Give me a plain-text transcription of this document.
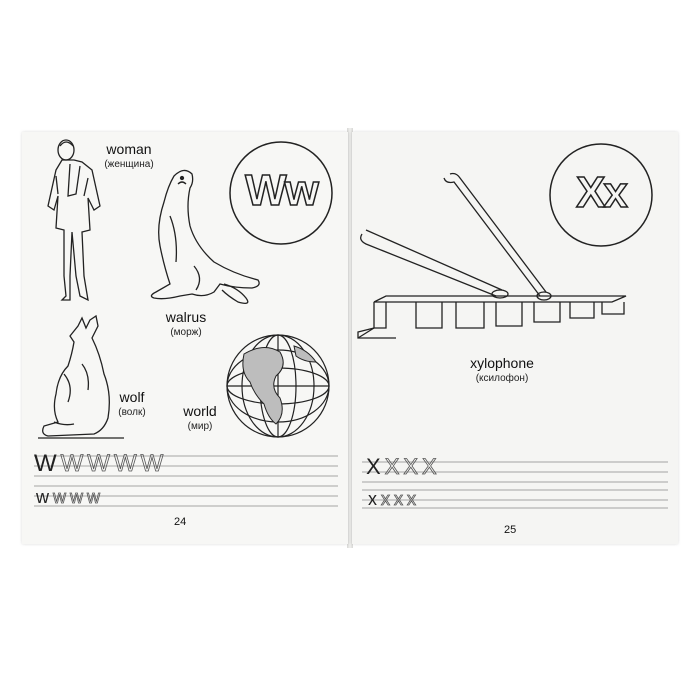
woman
(женщина)
walrus
(морж)
Ww
wolf
(волк)	world
(мир)
WWWWW
wwww
24
Xx
xylophone
(ксилофон)
XXXX
xxxx
25
